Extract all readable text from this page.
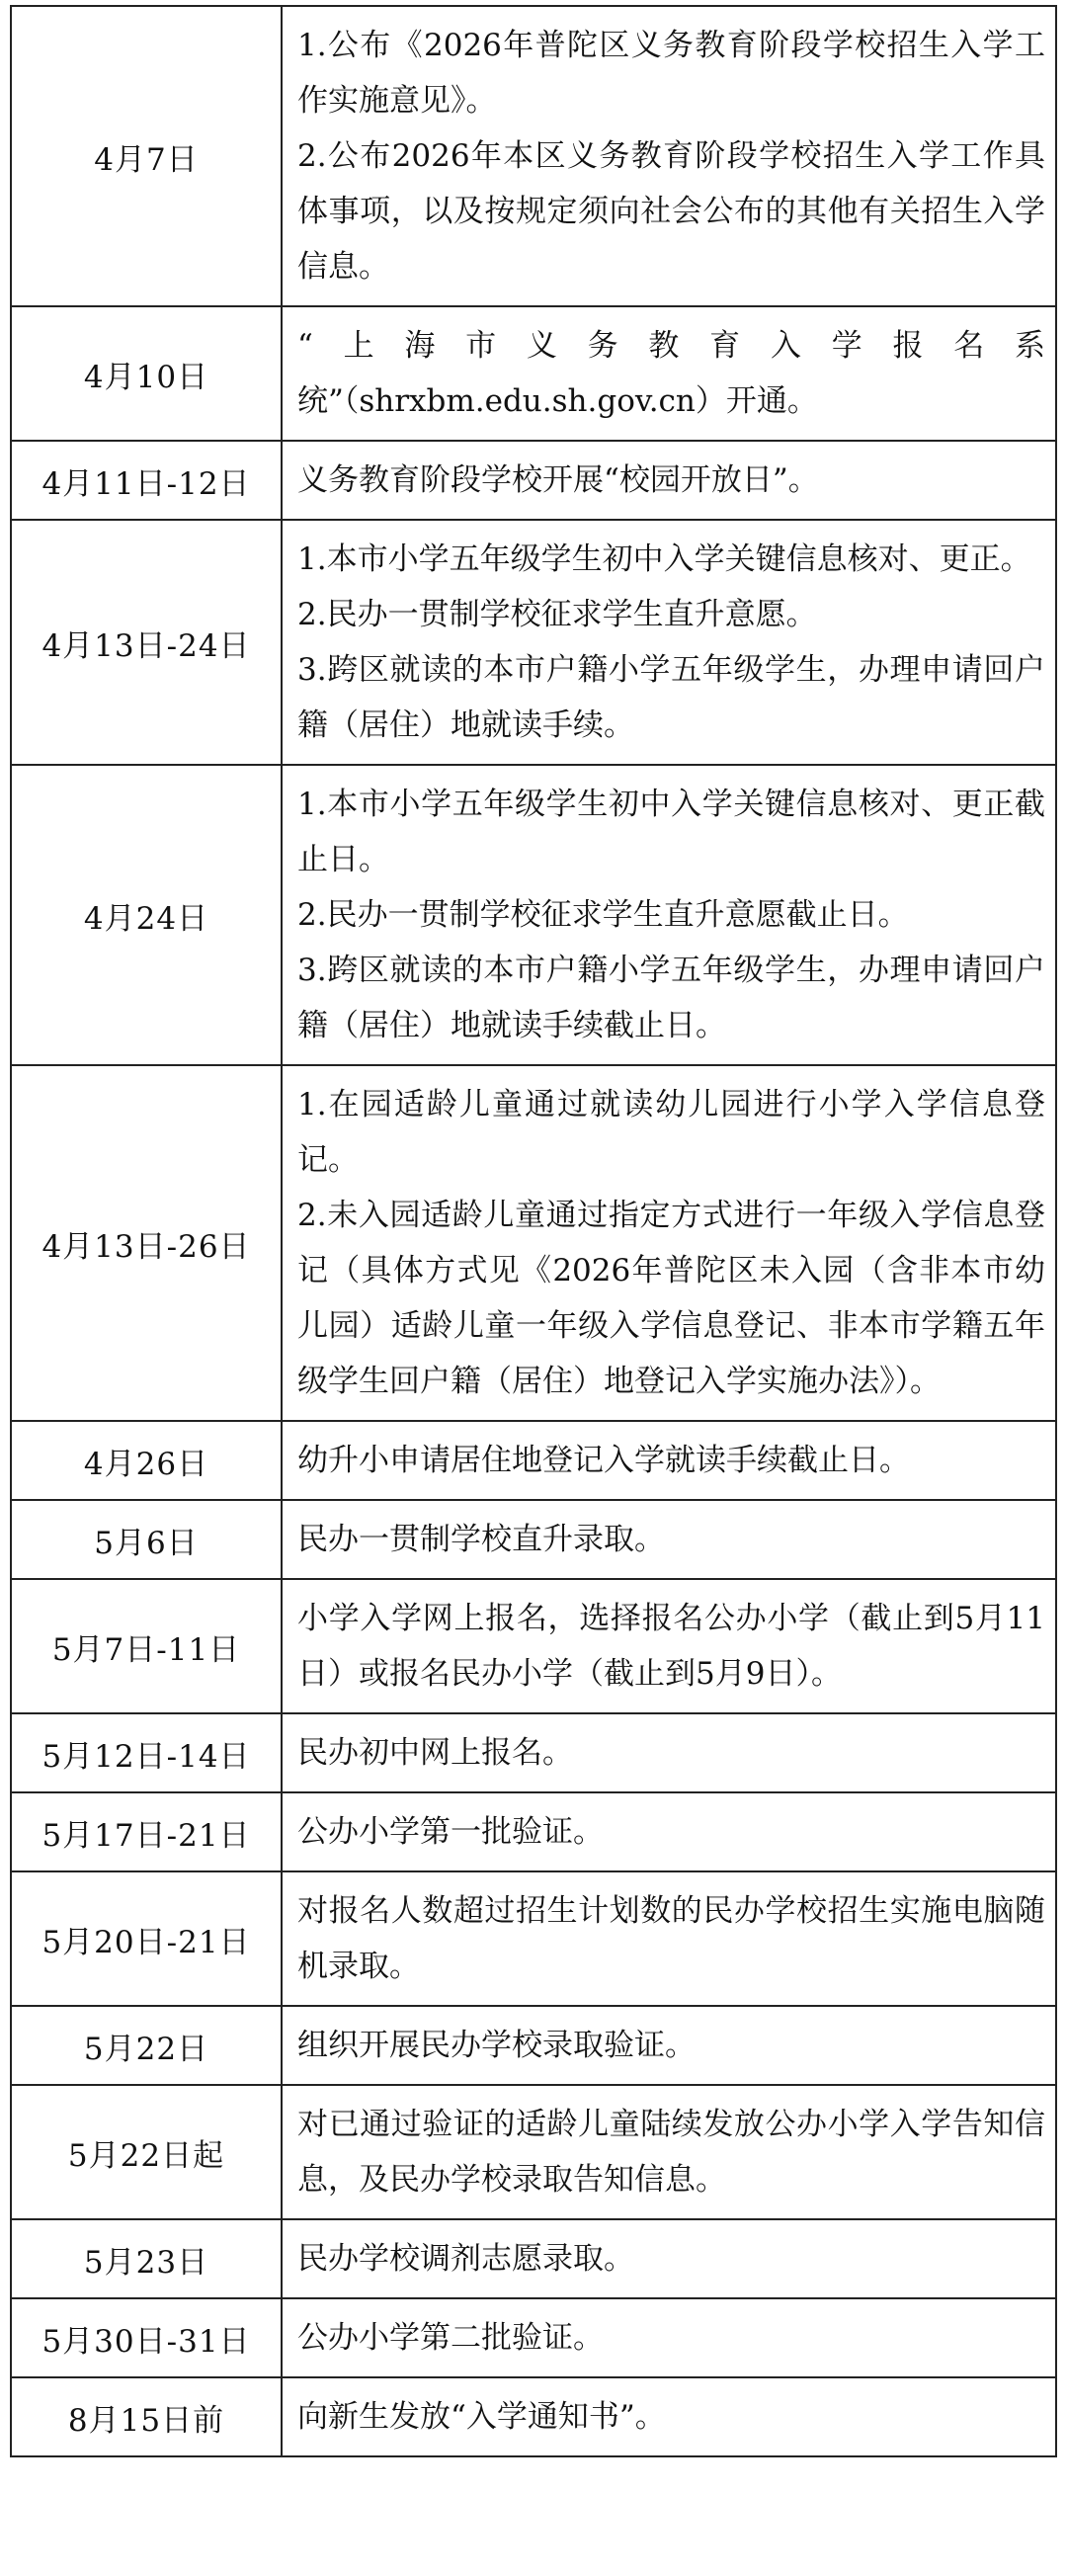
4月7日	1.公布《2026年普陀区义务教育阶段学校招生入学工作实施意见》。
2.公布2026年本区义务教育阶段学校招生入学工作具体事项，以及按规定须向社会公布的其他有关招生入学信息。

4月10日	“上海市义务教育入学报名系统”（shrxbm.edu.sh.gov.cn）开通。

4月11日-12日	义务教育阶段学校开展“校园开放日”。

4月13日-24日	1.本市小学五年级学生初中入学关键信息核对、更正。
2.民办一贯制学校征求学生直升意愿。
3.跨区就读的本市户籍小学五年级学生，办理申请回户籍（居住）地就读手续。

4月24日	1.本市小学五年级学生初中入学关键信息核对、更正截止日。
2.民办一贯制学校征求学生直升意愿截止日。
3.跨区就读的本市户籍小学五年级学生，办理申请回户籍（居住）地就读手续截止日。

4月13日-26日	1.在园适龄儿童通过就读幼儿园进行小学入学信息登记。
2.未入园适龄儿童通过指定方式进行一年级入学信息登记（具体方式见《2026年普陀区未入园（含非本市幼儿园）适龄儿童一年级入学信息登记、非本市学籍五年级学生回户籍（居住）地登记入学实施办法》）。

4月26日	幼升小申请居住地登记入学就读手续截止日。

5月6日	民办一贯制学校直升录取。

5月7日-11日	小学入学网上报名，选择报名公办小学（截止到5月11日）或报名民办小学（截止到5月9日）。

5月12日-14日	民办初中网上报名。

5月17日-21日	公办小学第一批验证。

5月20日-21日	对报名人数超过招生计划数的民办学校招生实施电脑随机录取。

5月22日	组织开展民办学校录取验证。

5月22日起	对已通过验证的适龄儿童陆续发放公办小学入学告知信息，及民办学校录取告知信息。

5月23日	民办学校调剂志愿录取。

5月30日-31日	公办小学第二批验证。

8月15日前	向新生发放“入学通知书”。
